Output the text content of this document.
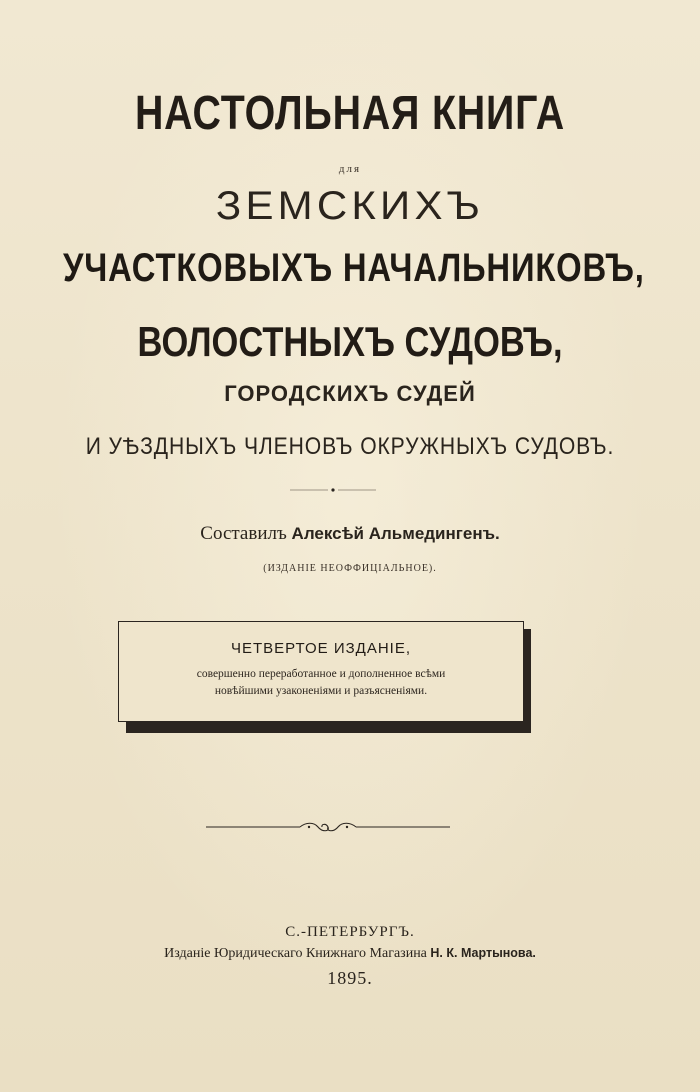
НАСТОЛЬНАЯ КНИГА
для
ЗЕМСКИХЪ
УЧАСТКОВЫХЪ НАЧАЛЬНИКОВЪ,
ВОЛОСТНЫХЪ СУДОВЪ,
ГОРОДСКИХЪ СУДЕЙ
И УѢЗДНЫХЪ ЧЛЕНОВЪ ОКРУЖНЫХЪ СУДОВЪ.
Составилъ Алексѣй Альмедингенъ.
(ИЗДАНІЕ НЕОФФИЦІАЛЬНОЕ).
ЧЕТВЕРТОЕ ИЗДАНІЕ,
совершенно переработанное и дополненное всѣми
новѣйшими узаконеніями и разъясненіями.
С.-ПЕТЕРБУРГЪ.
Изданіе Юридическаго Книжнаго Магазина Н. К. Мартынова.
1895.
